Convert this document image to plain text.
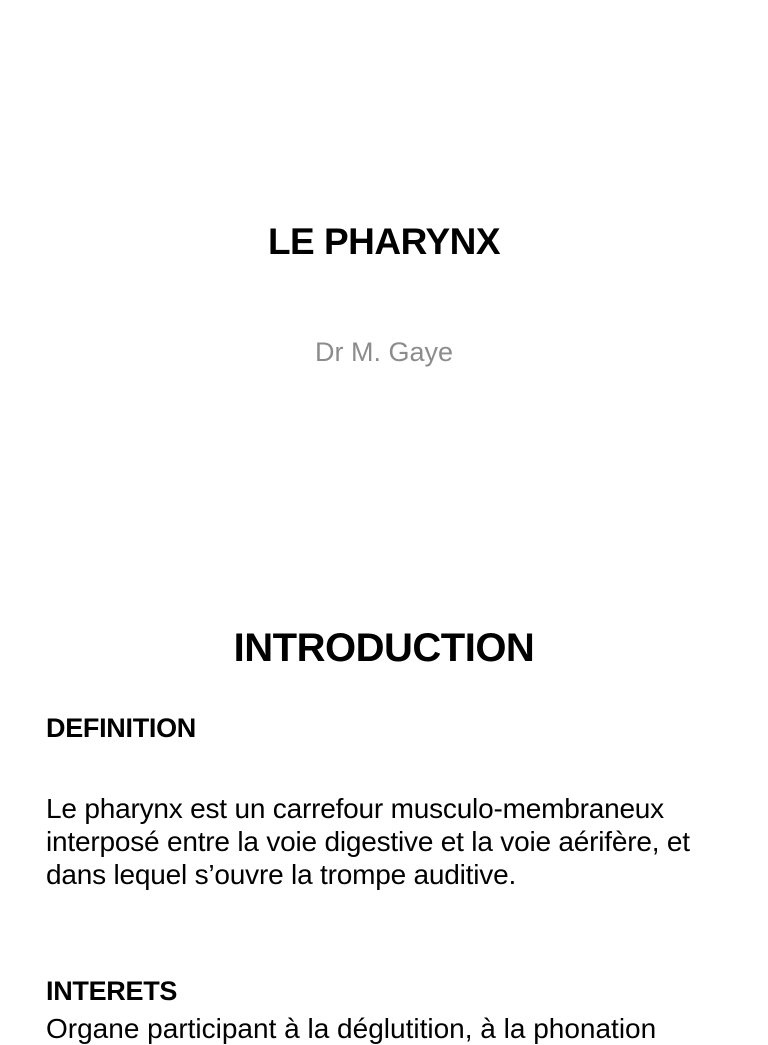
LE PHARYNX
Dr M. Gaye
INTRODUCTION
DEFINITION
Le pharynx est un carrefour musculo-membraneux interposé entre la voie digestive et la voie aérifère, et dans lequel s’ouvre la trompe auditive.
INTERETS
Organe participant à la déglutition, à la phonation
